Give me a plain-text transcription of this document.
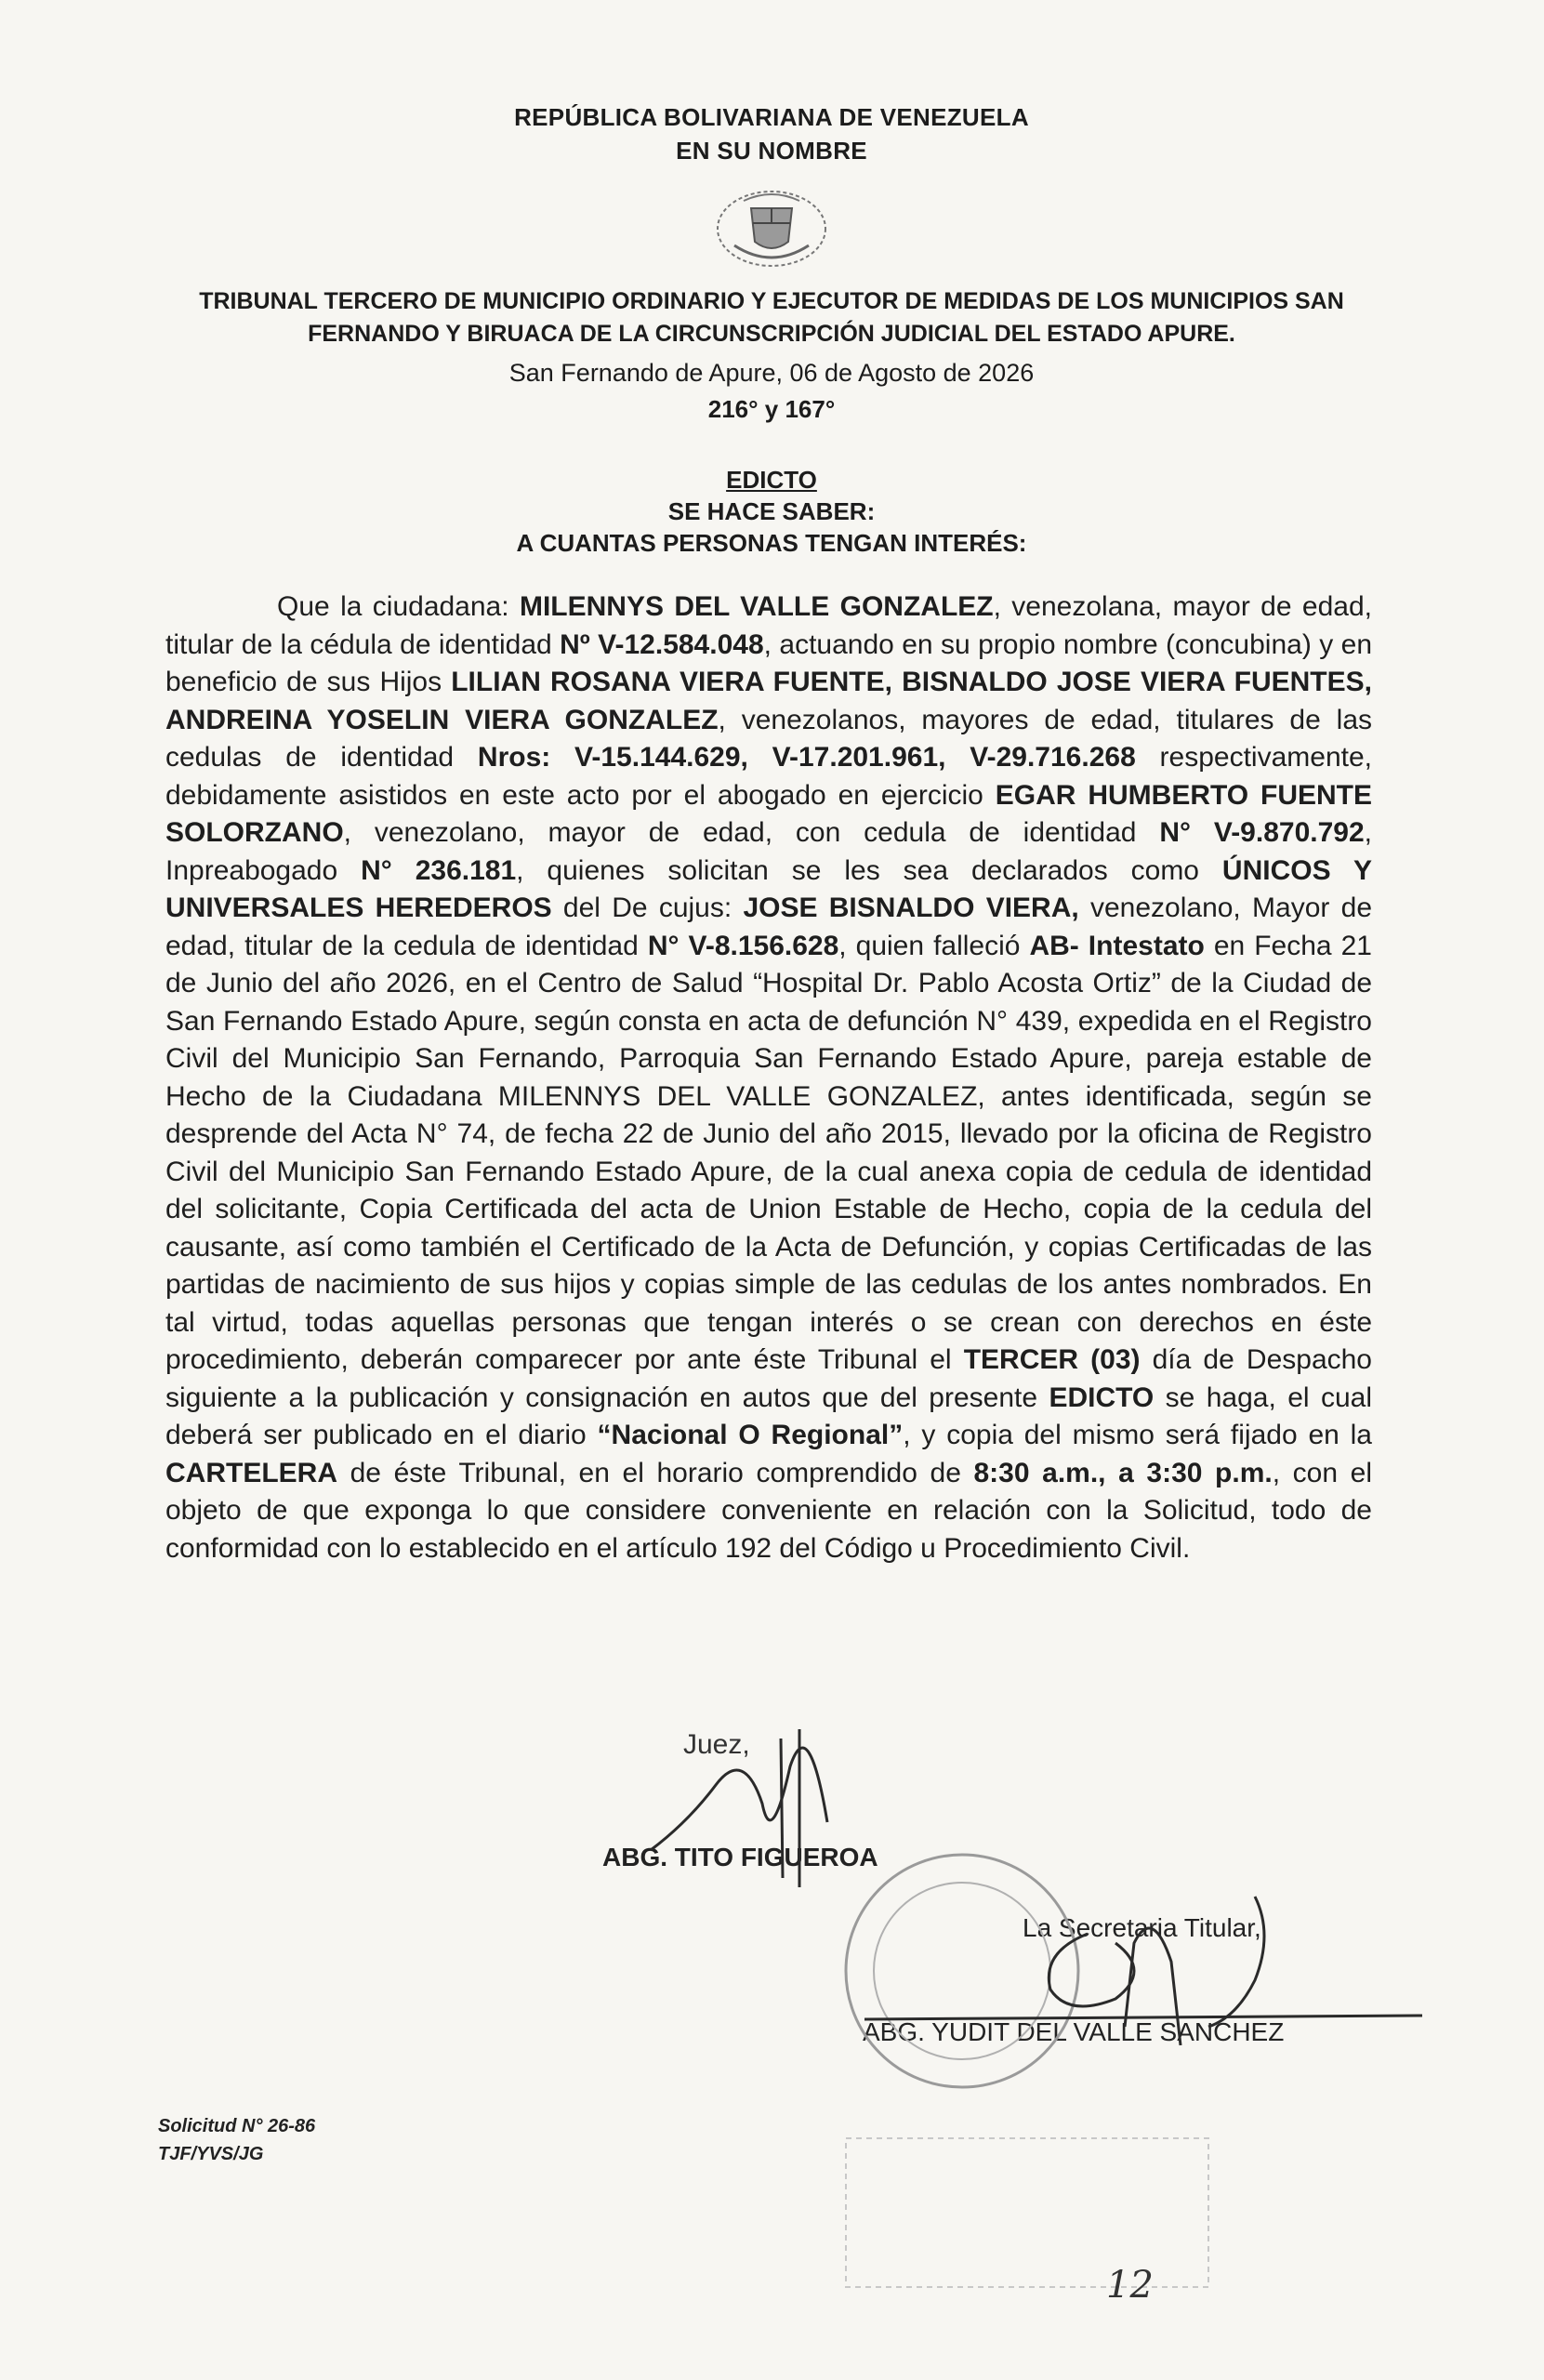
REPÚBLICA BOLIVARIANA DE VENEZUELA
EN SU NOMBRE
TRIBUNAL TERCERO DE MUNICIPIO ORDINARIO Y EJECUTOR DE MEDIDAS DE LOS MUNICIPIOS SAN FERNANDO Y BIRUACA DE LA CIRCUNSCRIPCIÓN JUDICIAL DEL ESTADO APURE.
San Fernando de Apure, 06 de Agosto de 2026
216° y 167°
EDICTO
SE HACE SABER:
A CUANTAS PERSONAS TENGAN INTERÉS:
Que la ciudadana: MILENNYS DEL VALLE GONZALEZ, venezolana, mayor de edad, titular de la cédula de identidad Nº V-12.584.048, actuando en su propio nombre (concubina) y en beneficio de sus Hijos LILIAN ROSANA VIERA FUENTE, BISNALDO JOSE VIERA FUENTES, ANDREINA YOSELIN VIERA GONZALEZ, venezolanos, mayores de edad, titulares de las cedulas de identidad Nros: V-15.144.629, V-17.201.961, V-29.716.268 respectivamente, debidamente asistidos en este acto por el abogado en ejercicio EGAR HUMBERTO FUENTE SOLORZANO, venezolano, mayor de edad, con cedula de identidad N° V-9.870.792, Inpreabogado N° 236.181, quienes solicitan se les sea declarados como ÚNICOS Y UNIVERSALES HEREDEROS del De cujus: JOSE BISNALDO VIERA, venezolano, Mayor de edad, titular de la cedula de identidad N° V-8.156.628, quien falleció AB- Intestato en Fecha 21 de Junio del año 2026, en el Centro de Salud “Hospital Dr. Pablo Acosta Ortiz” de la Ciudad de San Fernando Estado Apure, según consta en acta de defunción N° 439, expedida en el Registro Civil del Municipio San Fernando, Parroquia San Fernando Estado Apure, pareja estable de Hecho de la Ciudadana MILENNYS DEL VALLE GONZALEZ, antes identificada, según se desprende del Acta N° 74, de fecha 22 de Junio del año 2015, llevado por la oficina de Registro Civil del Municipio San Fernando Estado Apure, de la cual anexa copia de cedula de identidad del solicitante, Copia Certificada del acta de Union Estable de Hecho, copia de la cedula del causante, así como también el Certificado de la Acta de Defunción, y copias Certificadas de las partidas de nacimiento de sus hijos y copias simple de las cedulas de los antes nombrados. En tal virtud, todas aquellas personas que tengan interés o se crean con derechos en éste procedimiento, deberán comparecer por ante éste Tribunal el TERCER (03) día de Despacho siguiente a la publicación y consignación en autos que del presente EDICTO se haga, el cual deberá ser publicado en el diario “Nacional O Regional”, y copia del mismo será fijado en la CARTELERA de éste Tribunal, en el horario comprendido de 8:30 a.m., a 3:30 p.m., con el objeto de que exponga lo que considere conveniente en relación con la Solicitud, todo de conformidad con lo establecido en el artículo 192 del Código u Procedimiento Civil.
Juez,
ABG. TITO FIGUEROA
La Secretaria Titular,
ABG. YUDIT DEL VALLE SANCHEZ
Solicitud N° 26-86
TJF/YVS/JG
12
